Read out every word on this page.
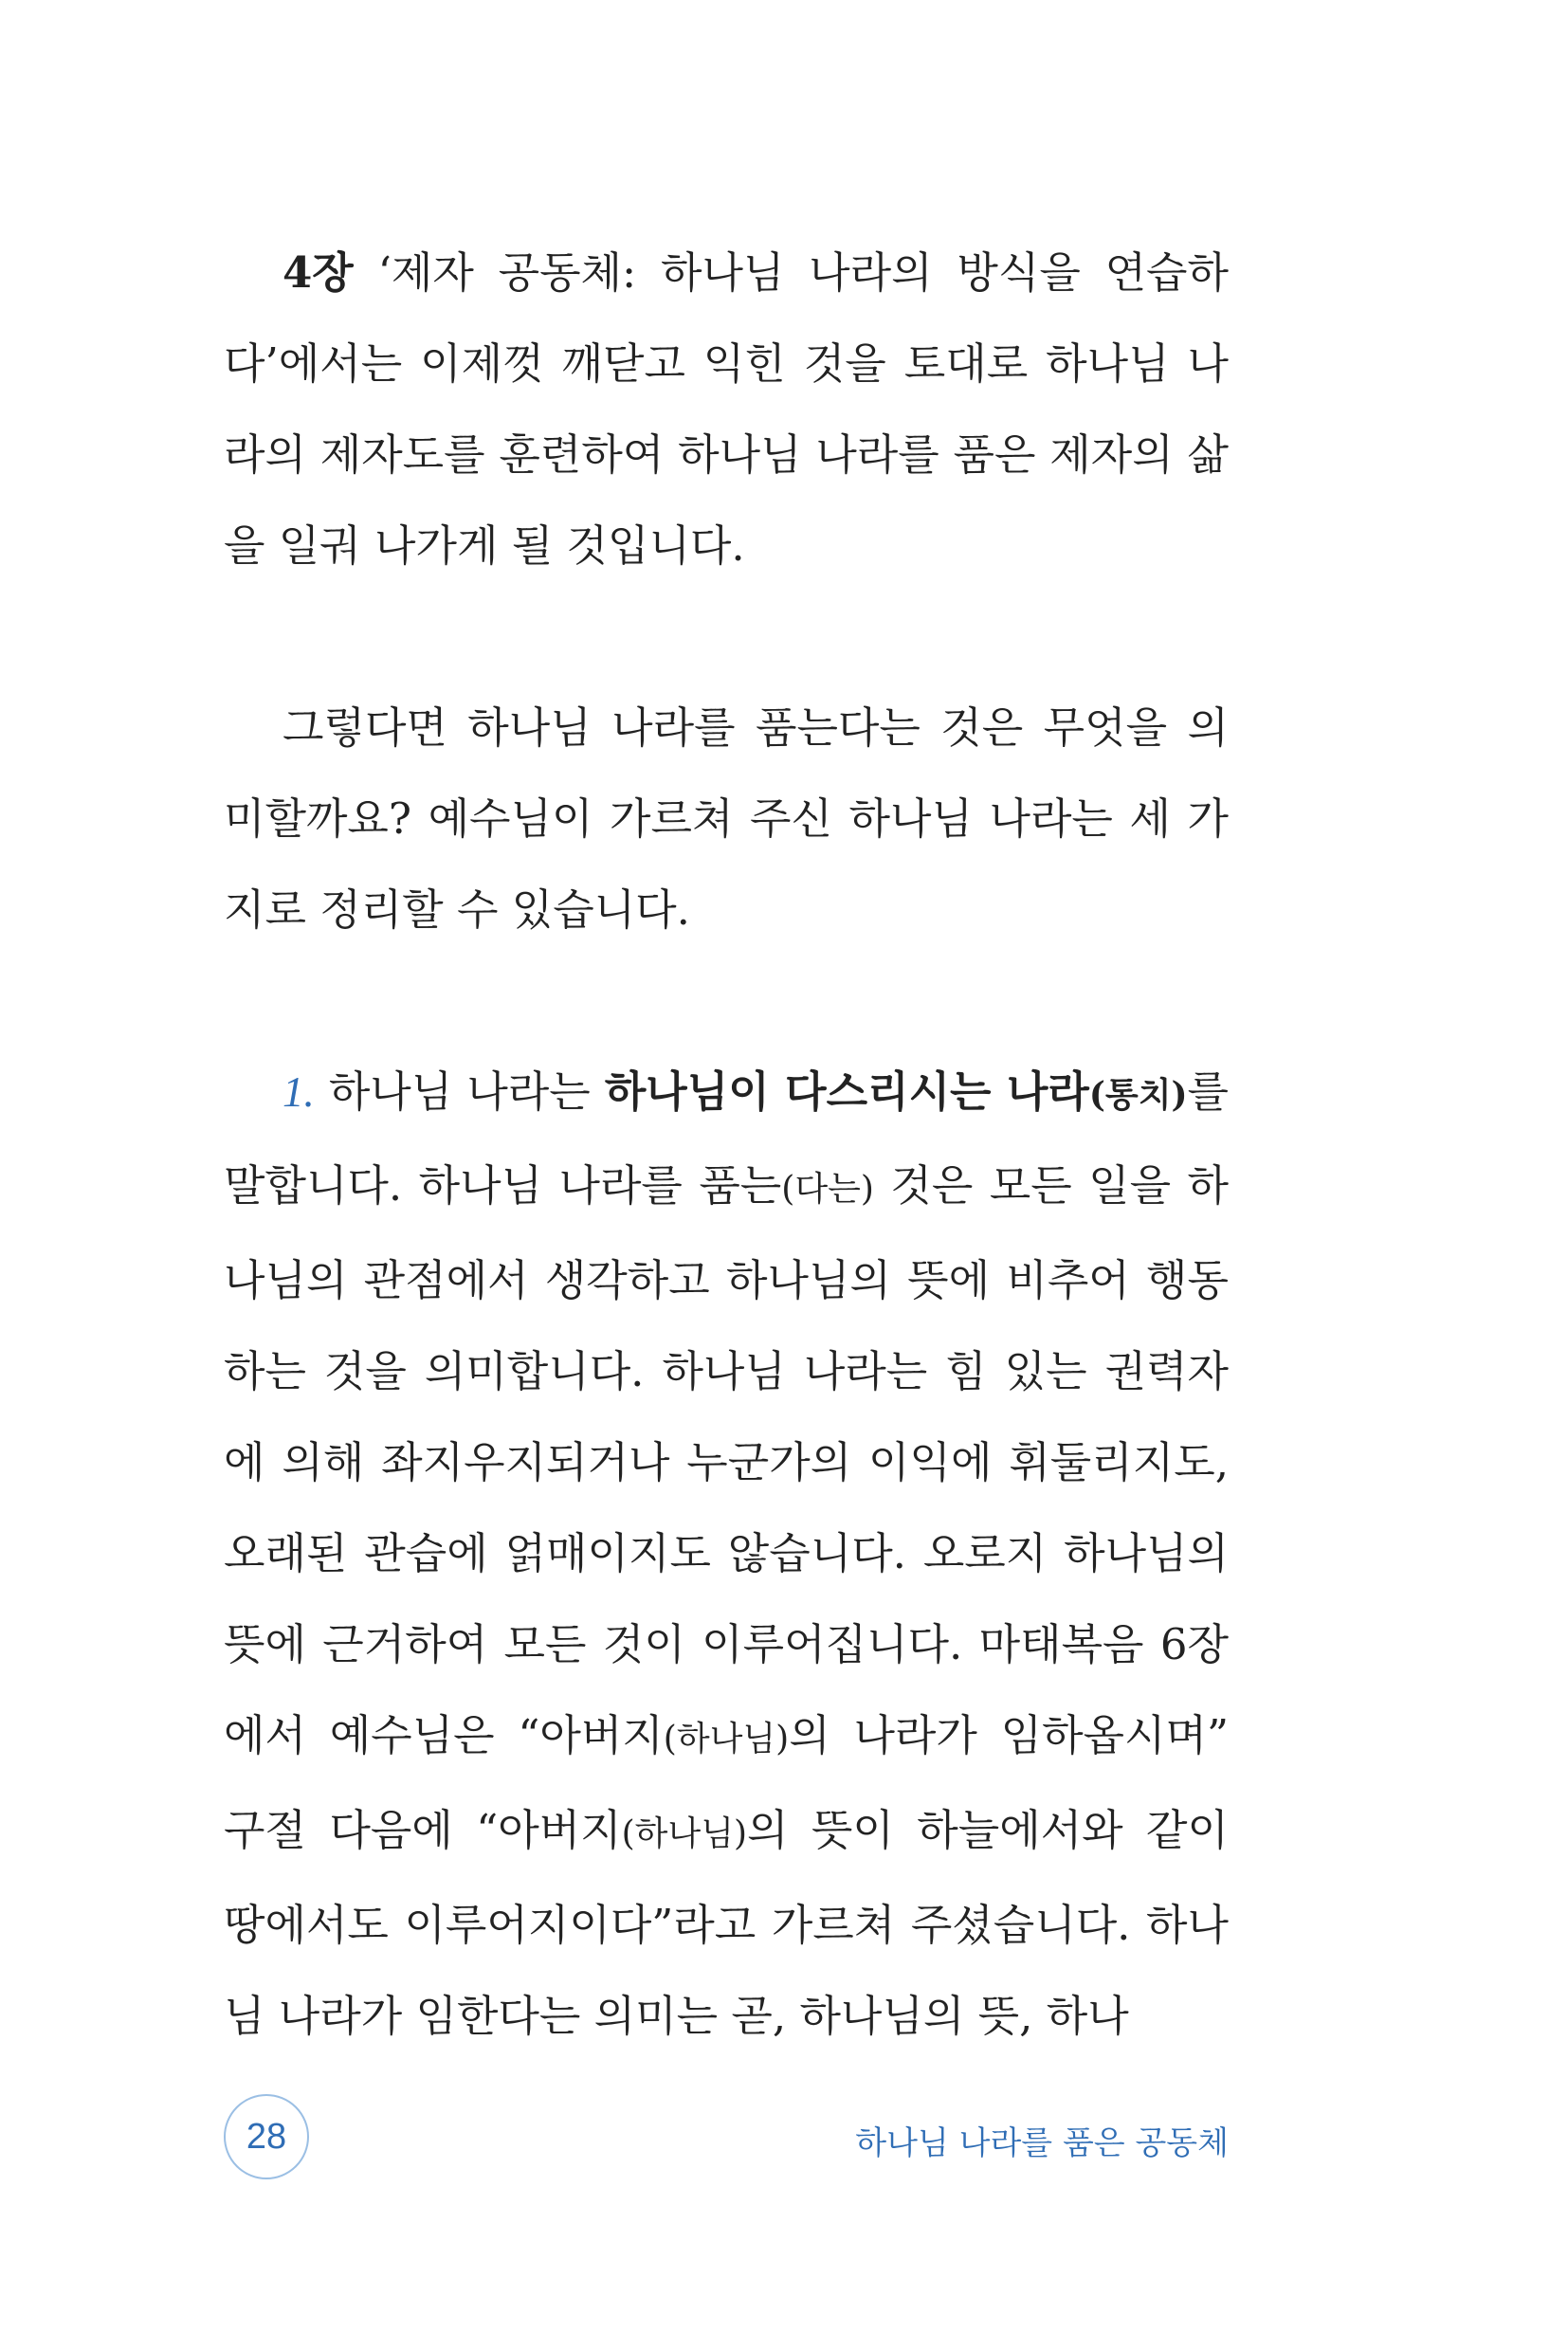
4장 ‘제자 공동체: 하나님 나라의 방식을 연습하다’에서는 이제껏 깨닫고 익힌 것을 토대로 하나님 나라의 제자도를 훈련하여 하나님 나라를 품은 제자의 삶을 일궈 나가게 될 것입니다.

그렇다면 하나님 나라를 품는다는 것은 무엇을 의미할까요? 예수님이 가르쳐 주신 하나님 나라는 세 가지로 정리할 수 있습니다.

1. 하나님 나라는 하나님이 다스리시는 나라(통치)를 말합니다. 하나님 나라를 품는(다는) 것은 모든 일을 하나님의 관점에서 생각하고 하나님의 뜻에 비추어 행동하는 것을 의미합니다. 하나님 나라는 힘 있는 권력자에 의해 좌지우지되거나 누군가의 이익에 휘둘리지도, 오래된 관습에 얽매이지도 않습니다. 오로지 하나님의 뜻에 근거하여 모든 것이 이루어집니다. 마태복음 6장에서 예수님은 “아버지(하나님)의 나라가 임하옵시며” 구절 다음에 “아버지(하나님)의 뜻이 하늘에서와 같이 땅에서도 이루어지이다”라고 가르쳐 주셨습니다. 하나님 나라가 임한다는 의미는 곧, 하나님의 뜻, 하나

28	하나님 나라를 품은 공동체
